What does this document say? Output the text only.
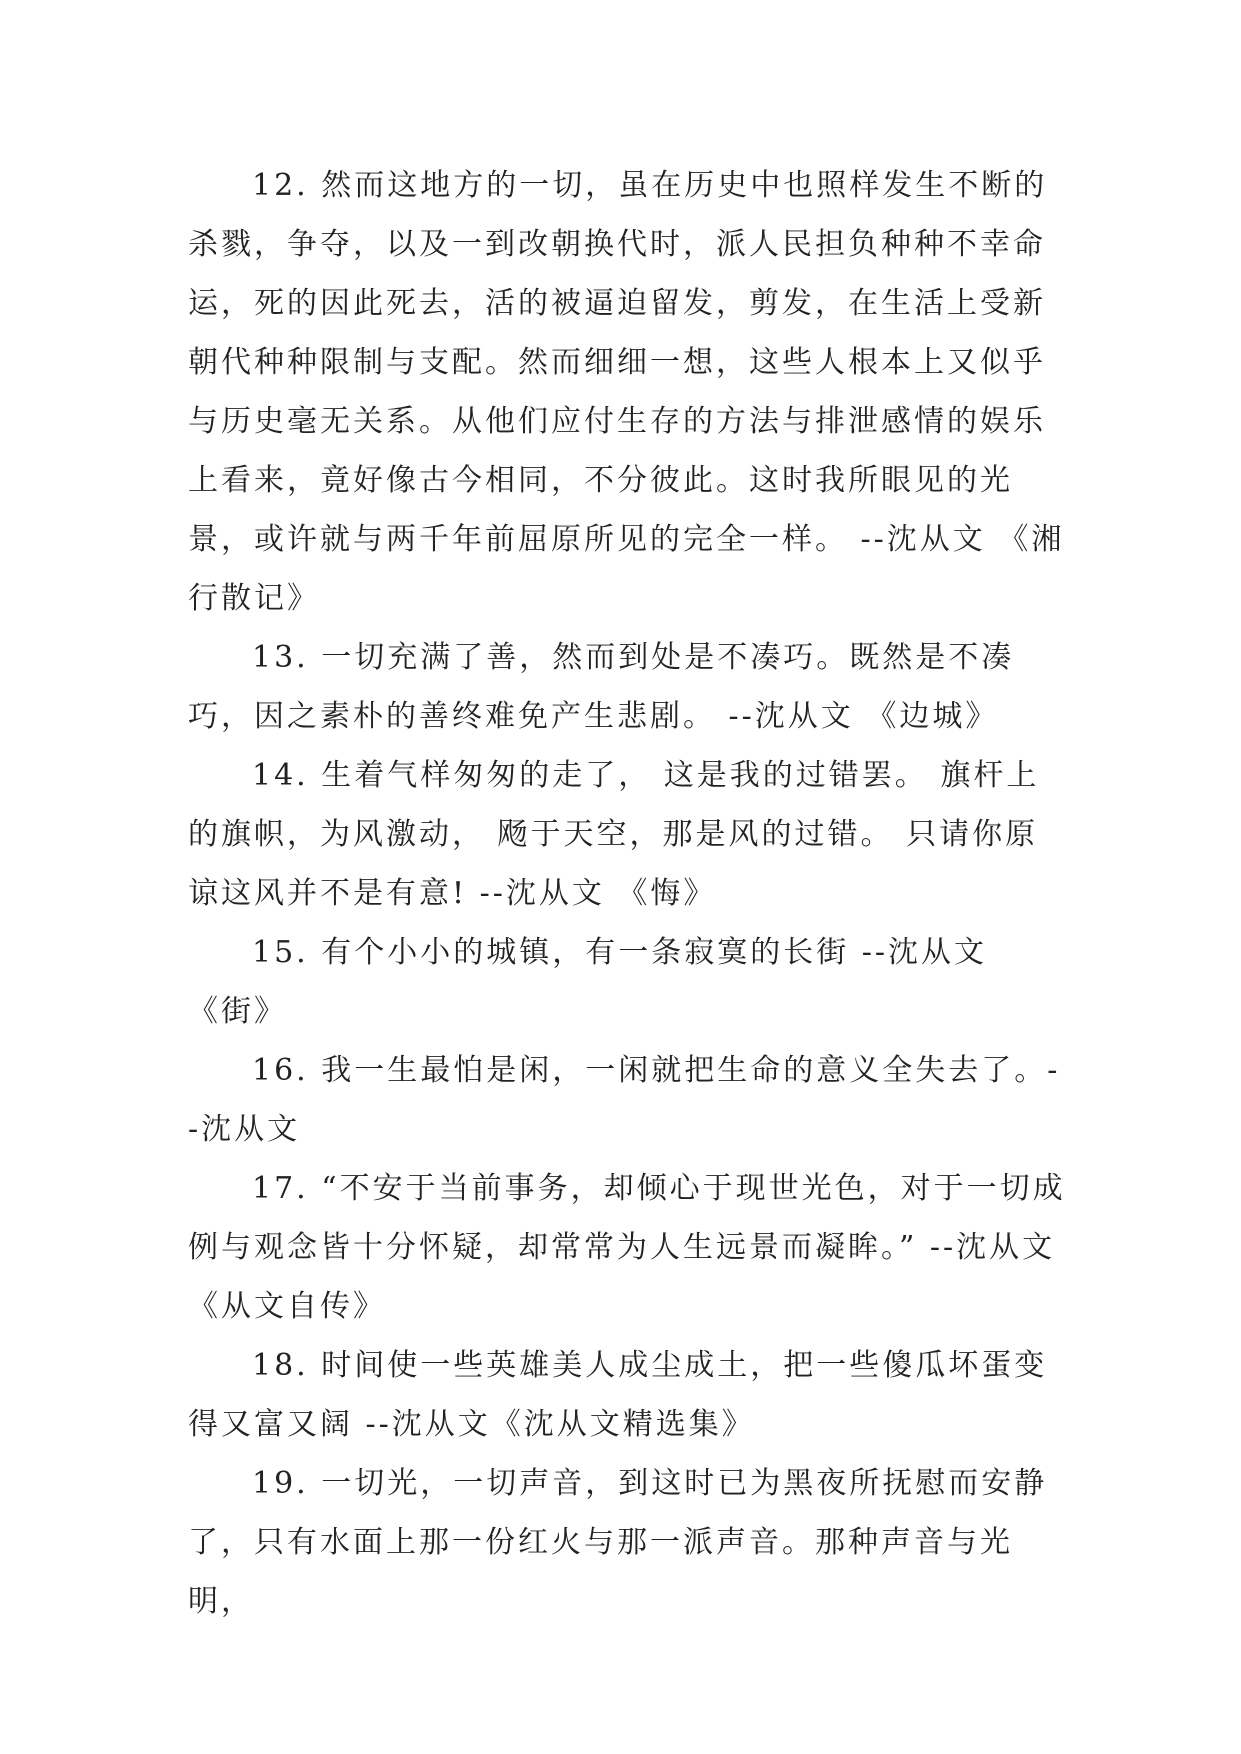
12. 然而这地方的一切，虽在历史中也照样发生不断的杀戮，争夺，以及一到改朝换代时，派人民担负种种不幸命运，死的因此死去，活的被逼迫留发，剪发，在生活上受新朝代种种限制与支配。然而细细一想，这些人根本上又似乎与历史毫无关系。从他们应付生存的方法与排泄感情的娱乐上看来，竟好像古今相同，不分彼此。这时我所眼见的光景，或许就与两千年前屈原所见的完全一样。 --沈从文 《湘行散记》

13. 一切充满了善，然而到处是不凑巧。既然是不凑巧，因之素朴的善终难免产生悲剧。 --沈从文 《边城》

14. 生着气样匆匆的走了， 这是我的过错罢。 旗杆上的旗帜，为风激动， 飏于天空，那是风的过错。 只请你原谅这风并不是有意! --沈从文 《悔》

15. 有个小小的城镇，有一条寂寞的长街 --沈从文《街》

16. 我一生最怕是闲，一闲就把生命的意义全失去了。--沈从文

17. “不安于当前事务，却倾心于现世光色，对于一切成例与观念皆十分怀疑，却常常为人生远景而凝眸。” --沈从文 《从文自传》

18. 时间使一些英雄美人成尘成土，把一些傻瓜坏蛋变得又富又阔 --沈从文《沈从文精选集》

19. 一切光，一切声音，到这时已为黑夜所抚慰而安静了，只有水面上那一份红火与那一派声音。那种声音与光明，
